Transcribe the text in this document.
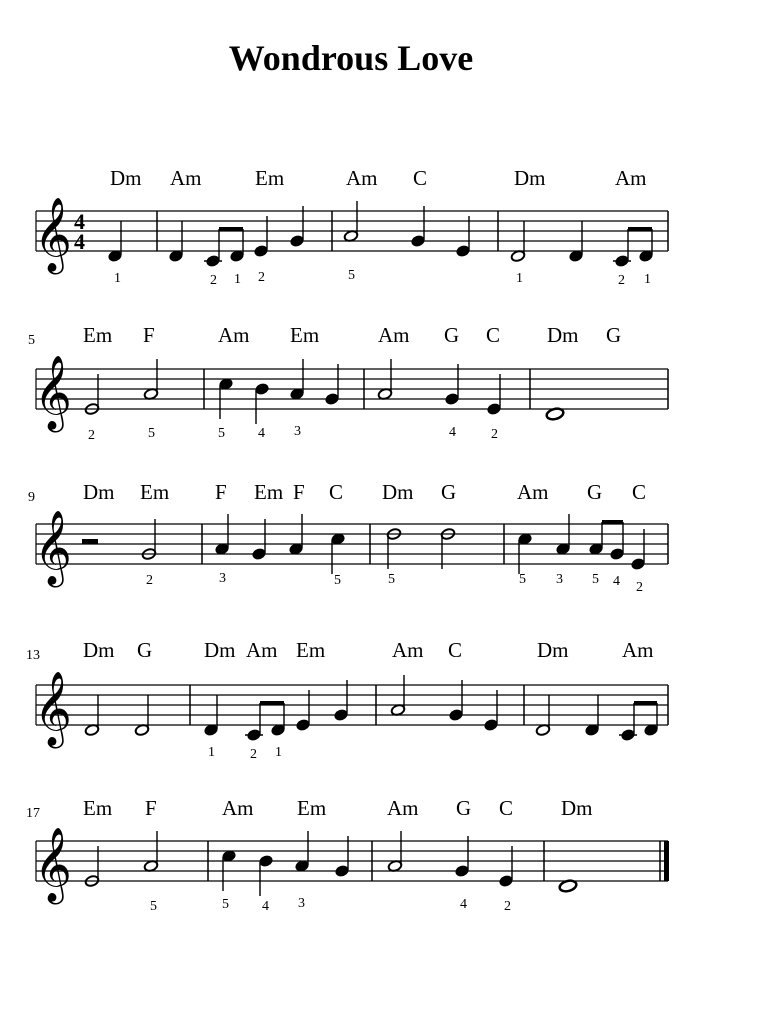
Wondrous Love
𝄞 4
4
Dm Am	Em	Am C	Dm	Am
1	2 1 2	5	1	2 1
5
𝄞
Em F	Am Em	Am G C Dm G
2	5	5 4 3	4	2
9
𝄞
Dm Em F Em F C Dm G	Am G C
2	3	5	5	5 3 5 4 2
13
𝄞
Dm G Dm Am Em	Am C	Dm	Am
1	2 1
17
𝄞
Em F	Am Em	Am G C Dm
5	5 4 3	4	2
